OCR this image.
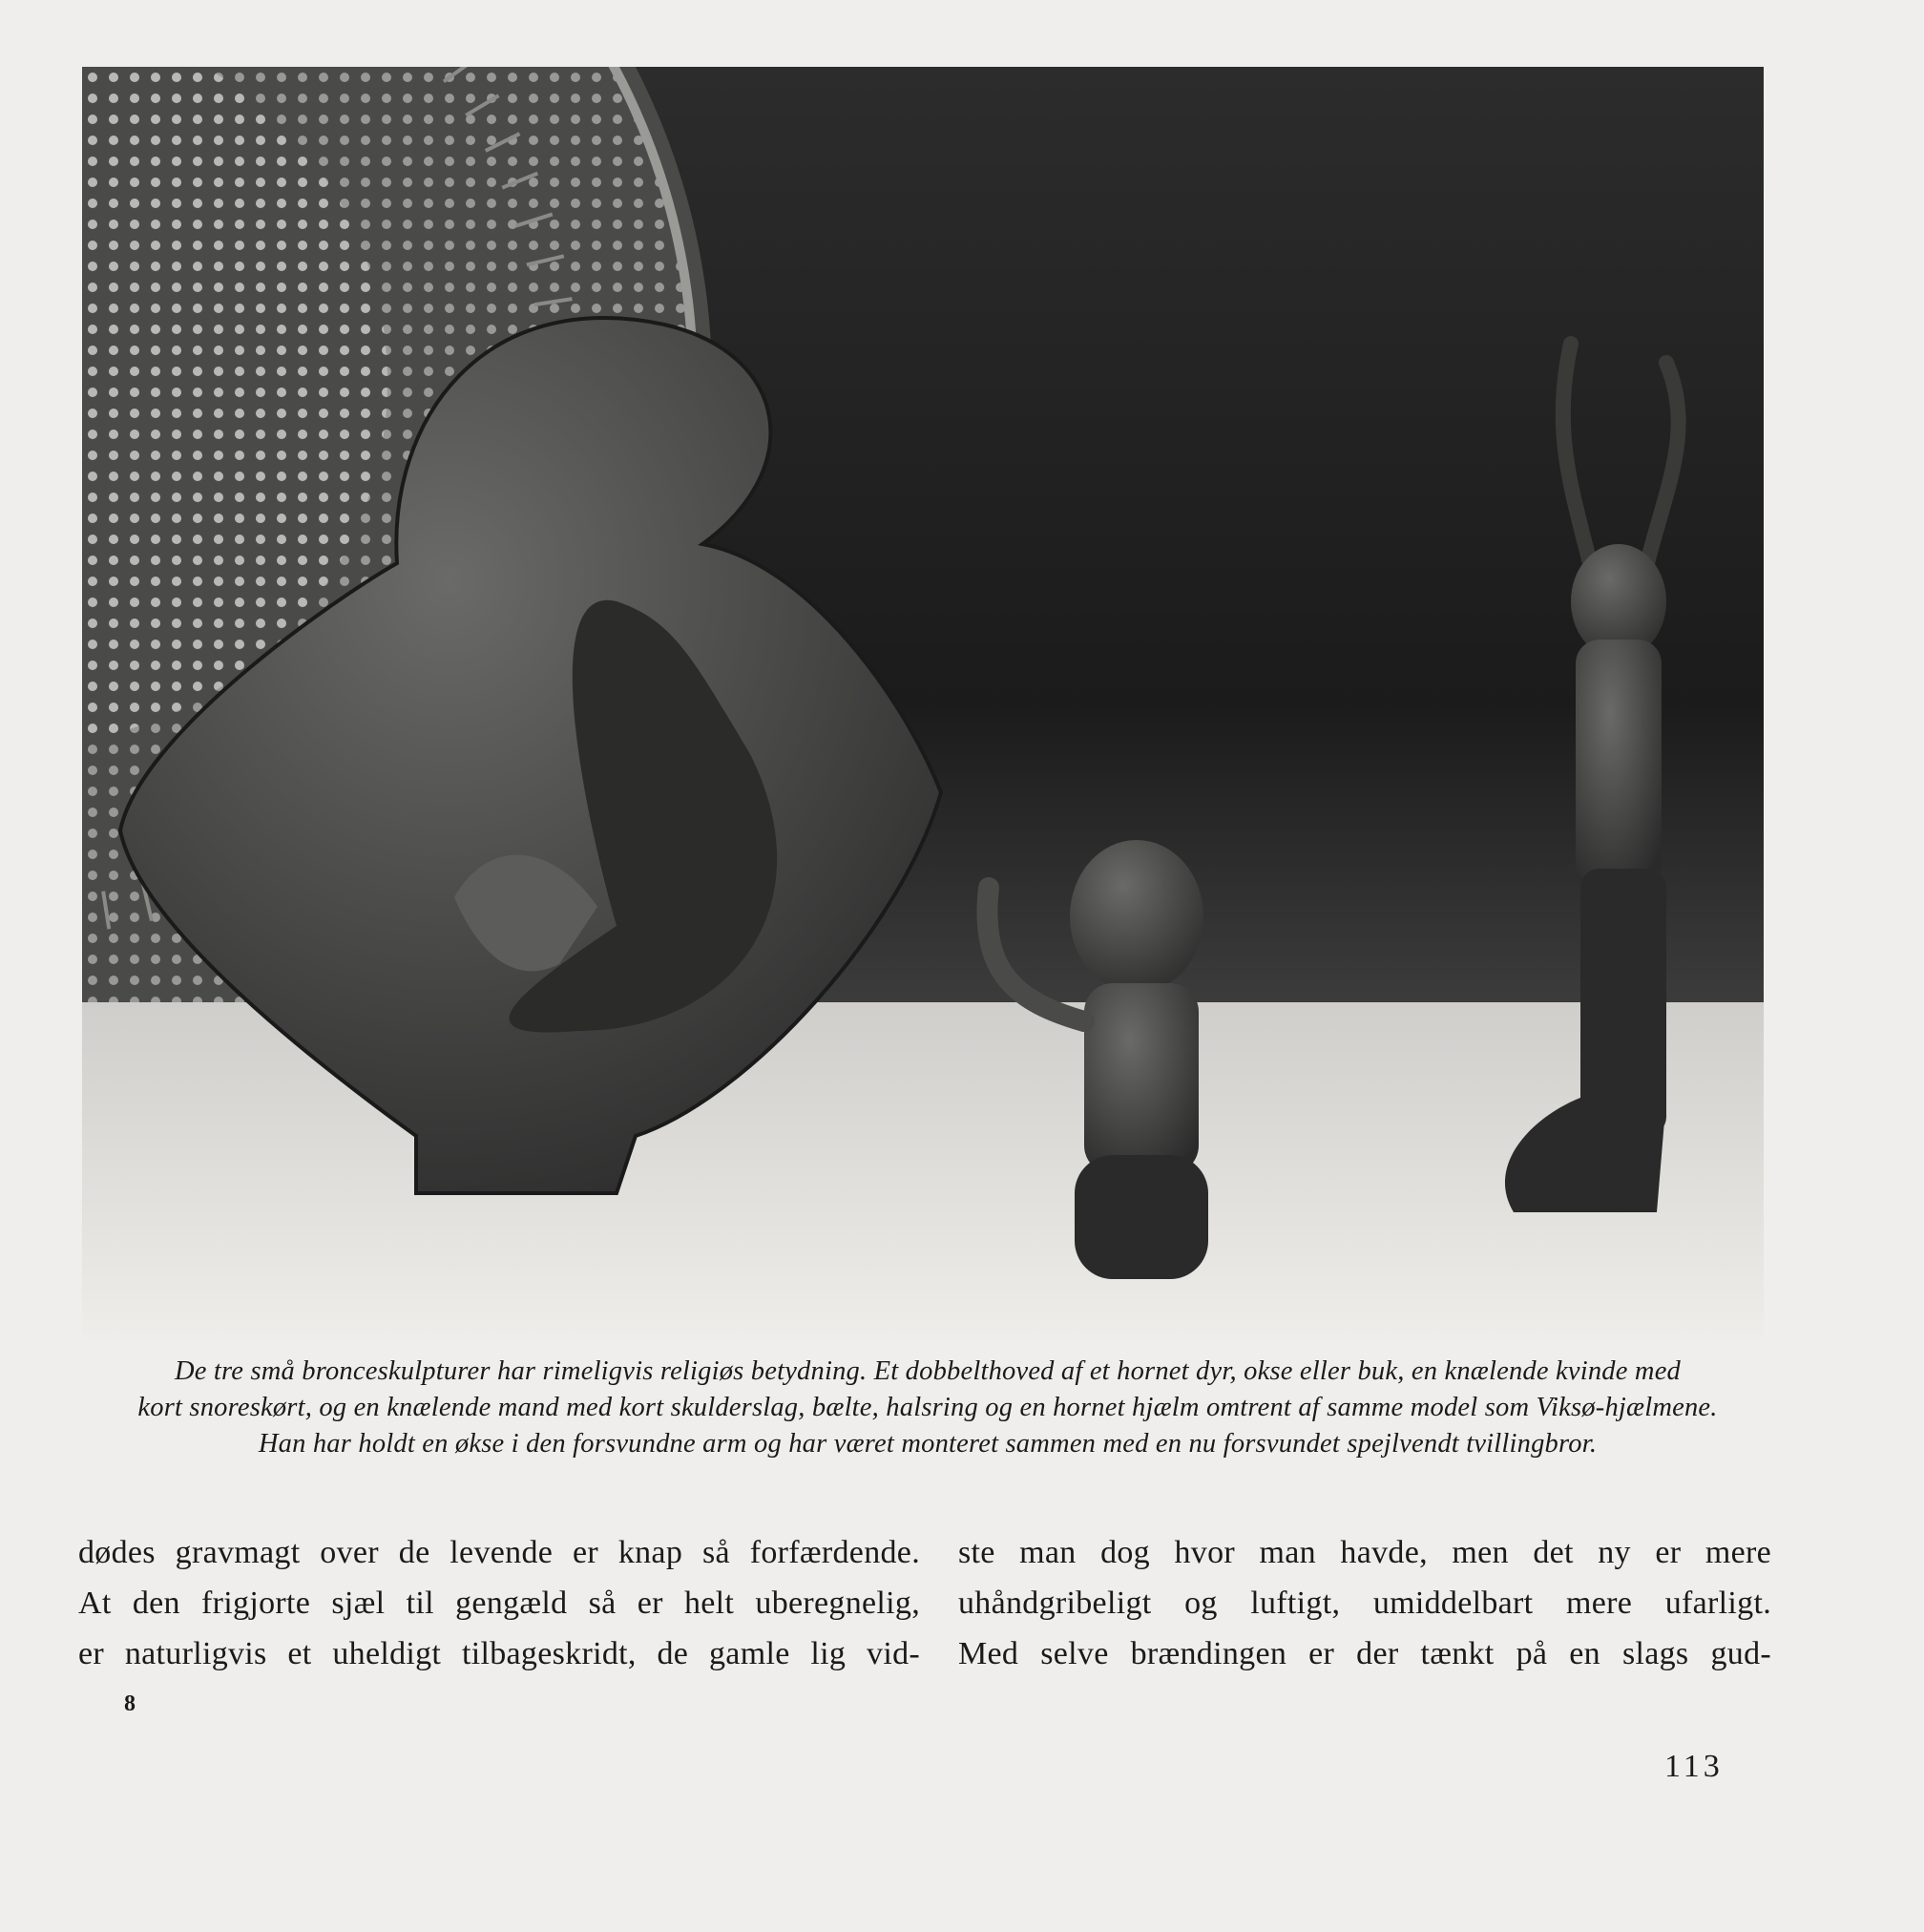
De tre små bronceskulpturer har rimeligvis religiøs betydning. Et dobbelthoved af et hornet dyr, okse eller buk, en knælende kvinde med
kort snoreskørt, og en knælende mand med kort skulderslag, bælte, halsring og en hornet hjælm omtrent af samme model som Viksø-hjælmene.
Han har holdt en økse i den forsvundne arm og har været monteret sammen med en nu forsvundet spejlvendt tvillingbror.
dødes gravmagt over de levende er knap så forfærdende.
At den frigjorte sjæl til gengæld så er helt uberegnelig,
er naturligvis et uheldigt tilbageskridt, de gamle lig vid-
ste man dog hvor man havde, men det ny er mere
uhåndgribeligt og luftigt, umiddelbart mere ufarligt.
Med selve brændingen er der tænkt på en slags gud-
8
113
